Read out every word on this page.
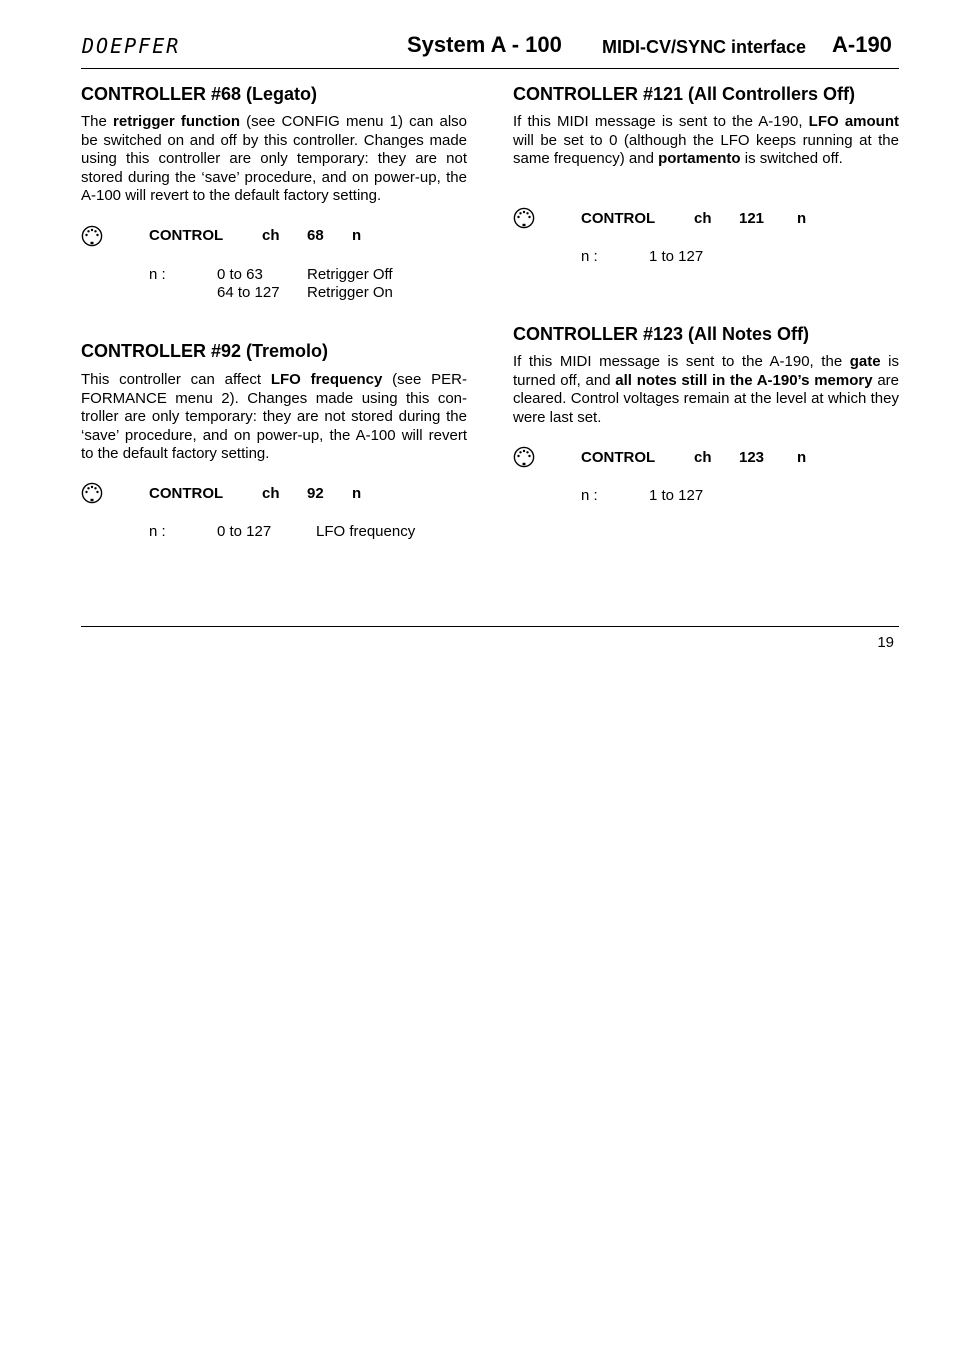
DOEPFER	System A - 100 MIDI-CV/SYNC interface A-190
CONTROLLER #68 (Legato)

The retrigger function (see CONFIG menu 1) can also be switched on and off by this controller. Changes made using this controller are only temporary: they are not stored during the ‘save’ procedure, and on power-up, the A-100 will revert to the default factory setting.

CONTROL	ch 68 n
n :	0 to 63	Retrigger Off
64 to 127 Retrigger On
CONTROLLER #92 (Tremolo)

This controller can affect LFO frequency (see PER-FORMANCE menu 2). Changes made using this con-troller are only temporary: they are not stored during the ‘save’ procedure, and on power-up, the A-100 will revert to the default factory setting.

CONTROL	ch 92 n
n :	0 to 127	LFO frequency
CONTROLLER #121 (All Controllers Off)

If this MIDI message is sent to the A-190, LFO amount will be set to 0 (although the LFO keeps running at the same frequency) and portamento is switched off.

CONTROL	ch 121 n
n :	1 to 127
CONTROLLER #123 (All Notes Off)

If this MIDI message is sent to the A-190, the gate is turned off, and all notes still in the A-190’s memory are cleared. Control voltages remain at the level at which they were last set.

CONTROL	ch 123 n
n :	1 to 127
19
